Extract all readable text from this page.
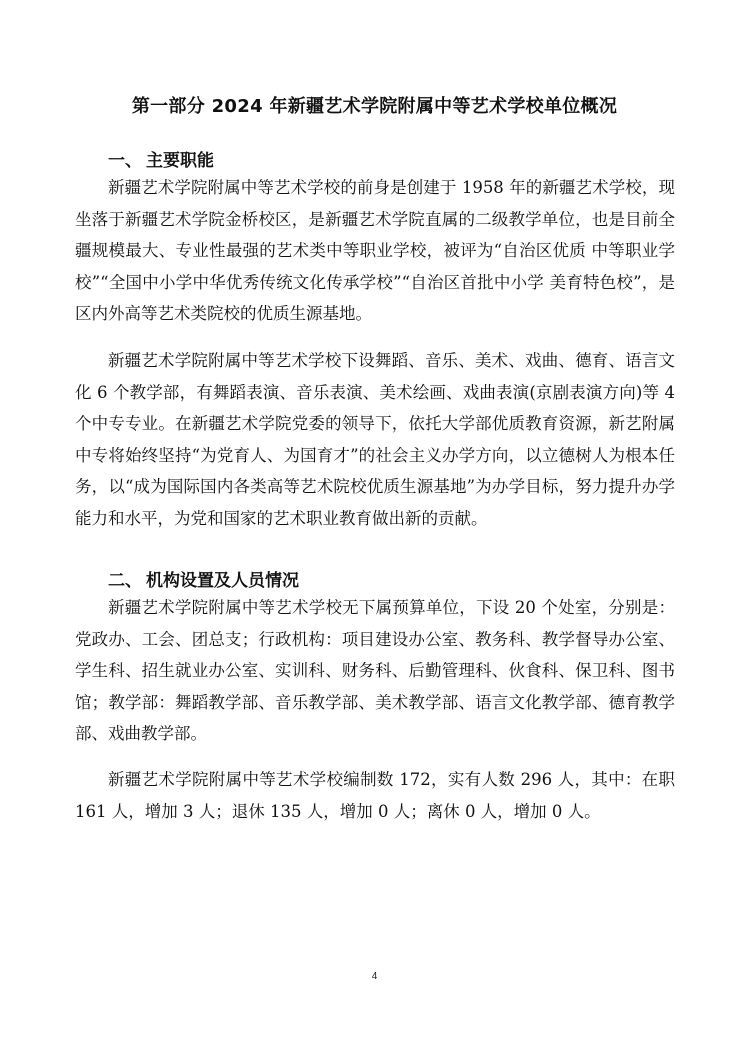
第一部分 2024 年新疆艺术学院附属中等艺术学校单位概况
一、 主要职能
新疆艺术学院附属中等艺术学校的前身是创建于 1958 年的新疆艺术学校，现坐落于新疆艺术学院金桥校区，是新疆艺术学院直属的二级教学单位，也是目前全疆规模最大、专业性最强的艺术类中等职业学校，被评为“自治区优质 中等职业学校”“全国中小学中华优秀传统文化传承学校”“自治区首批中小学 美育特色校”，是区内外高等艺术类院校的优质生源基地。
新疆艺术学院附属中等艺术学校下设舞蹈、音乐、美术、戏曲、德育、语言文化 6 个教学部，有舞蹈表演、音乐表演、美术绘画、戏曲表演(京剧表演方向)等 4 个中专专业。在新疆艺术学院党委的领导下，依托大学部优质教育资源，新艺附属中专将始终坚持“为党育人、为国育才”的社会主义办学方向，以立德树人为根本任务，以“成为国际国内各类高等艺术院校优质生源基地”为办学目标，努力提升办学能力和水平，为党和国家的艺术职业教育做出新的贡献。
二、 机构设置及人员情况
新疆艺术学院附属中等艺术学校无下属预算单位，下设 20 个处室，分别是：党政办、工会、团总支；行政机构：项目建设办公室、教务科、教学督导办公室、学生科、招生就业办公室、实训科、财务科、后勤管理科、伙食科、保卫科、图书馆；教学部：舞蹈教学部、音乐教学部、美术教学部、语言文化教学部、德育教学部、戏曲教学部。
新疆艺术学院附属中等艺术学校编制数 172，实有人数 296 人，其中：在职 161 人，增加 3 人；退休 135 人，增加 0 人；离休 0 人，增加 0 人。
4
